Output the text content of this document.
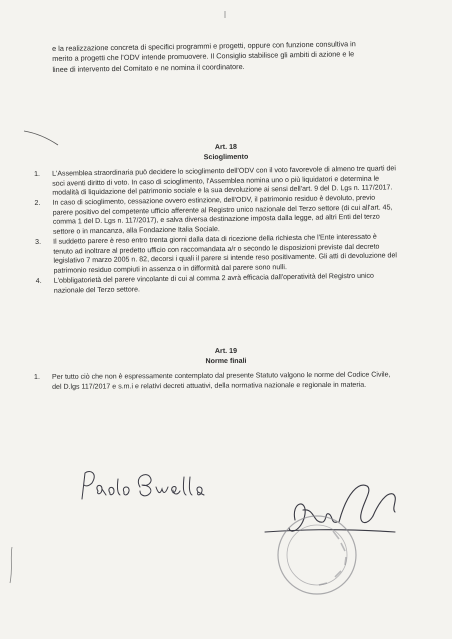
e la realizzazione concreta di specifici programmi e progetti, oppure con funzione consultiva in

merito a progetti che l'ODV intende promuovere. Il Consiglio stabilisce gli ambiti di azione e le

linee di intervento del Comitato e ne nomina il coordinatore.

Art. 18
Scioglimento
1.	L'Assemblea straordinaria può decidere lo scioglimento dell'ODV con il voto favorevole di almeno tre quarti dei soci aventi diritto di voto. In caso di scioglimento, l'Assemblea nomina uno o più liquidatori e determina le modalità di liquidazione del patrimonio sociale e la sua devoluzione ai sensi dell'art. 9 del D. Lgs n. 117/2017.
2.	In caso di scioglimento, cessazione ovvero estinzione, dell'ODV, il patrimonio residuo è devoluto, previo parere positivo del competente ufficio afferente al Registro unico nazionale del Terzo settore (di cui all'art. 45, comma 1 del D. Lgs n. 117/2017), e salva diversa destinazione imposta dalla legge, ad altri Enti del terzo settore o in mancanza, alla Fondazione Italia Sociale.
3.	Il suddetto parere è reso entro trenta giorni dalla data di ricezione della richiesta che l'Ente interessato è tenuto ad inoltrare al predetto ufficio con raccomandata a/r o secondo le disposizioni previste dal decreto legislativo 7 marzo 2005 n. 82, decorsi i quali il parere si intende reso positivamente. Gli atti di devoluzione del patrimonio residuo compiuti in assenza o in difformità dal parere sono nulli.
4.	L'obbligatorietà del parere vincolante di cui al comma 2 avrà efficacia dall'operatività del Registro unico nazionale del Terzo settore.
Art. 19
Norme finali
1.	Per tutto ciò che non è espressamente contemplato dal presente Statuto valgono le norme del Codice Civile, del D.lgs 117/2017 e s.m.i e relativi decreti attuativi, della normativa nazionale e regionale in materia.
